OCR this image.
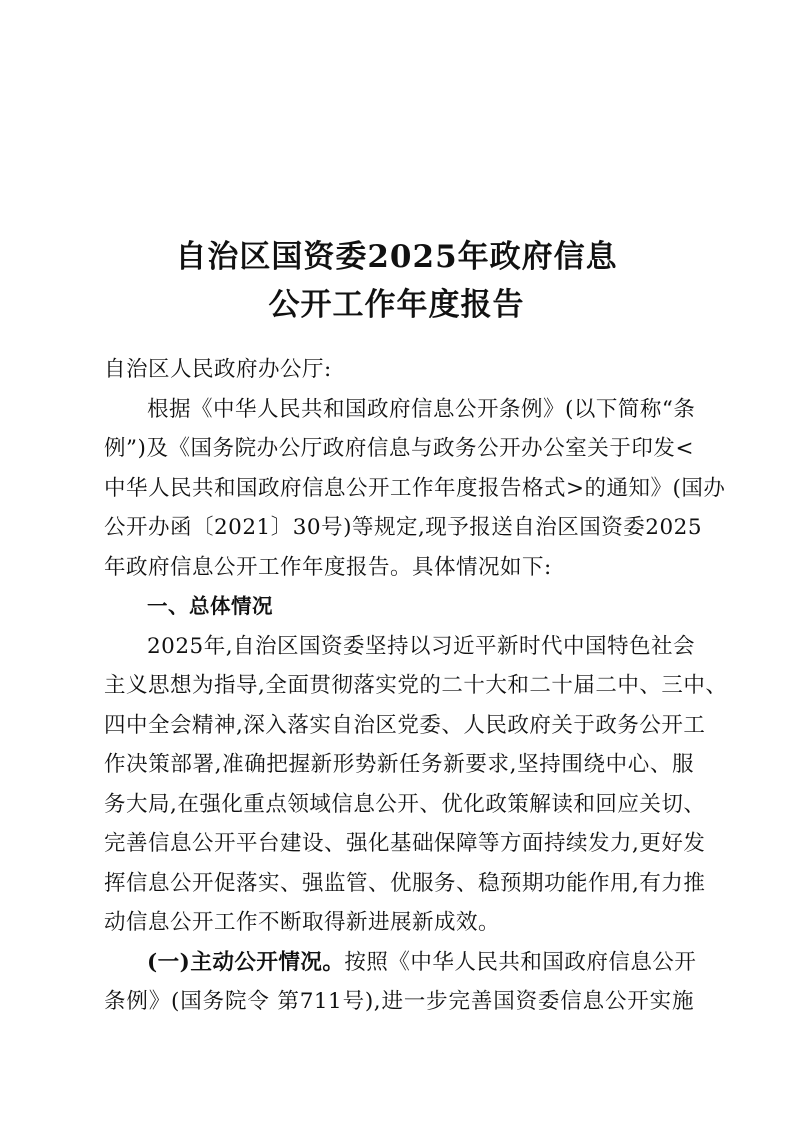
自治区国资委2025年政府信息
公开工作年度报告
自治区人民政府办公厅:
根据《中华人民共和国政府信息公开条例》(以下简称“条
例”)及《国务院办公厅政府信息与政务公开办公室关于印发<
中华人民共和国政府信息公开工作年度报告格式>的通知》(国办
公开办函〔2021〕30号)等规定,现予报送自治区国资委2025
年政府信息公开工作年度报告。具体情况如下:
一、总体情况
2025年,自治区国资委坚持以习近平新时代中国特色社会
主义思想为指导,全面贯彻落实党的二十大和二十届二中、三中、
四中全会精神,深入落实自治区党委、人民政府关于政务公开工
作决策部署,准确把握新形势新任务新要求,坚持围绕中心、服
务大局,在强化重点领域信息公开、优化政策解读和回应关切、
完善信息公开平台建设、强化基础保障等方面持续发力,更好发
挥信息公开促落实、强监管、优服务、稳预期功能作用,有力推
动信息公开工作不断取得新进展新成效。
(一)主动公开情况。按照《中华人民共和国政府信息公开
条例》(国务院令 第711号),进一步完善国资委信息公开实施
